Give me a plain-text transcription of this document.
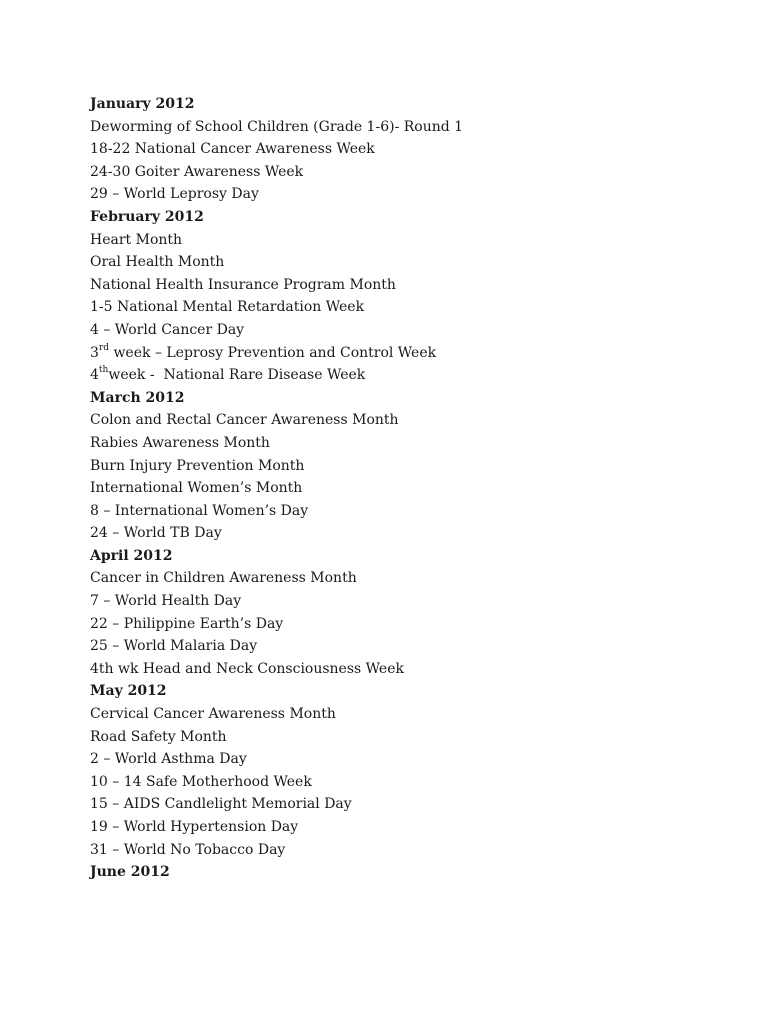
January 2012
Deworming of School Children (Grade 1-6)- Round 1
18-22 National Cancer Awareness Week
24-30 Goiter Awareness Week
29 – World Leprosy Day
February 2012
Heart Month
Oral Health Month
National Health Insurance Program Month
1-5 National Mental Retardation Week
4 – World Cancer Day
3rd week – Leprosy Prevention and Control Week
4thweek -  National Rare Disease Week
March 2012
Colon and Rectal Cancer Awareness Month
Rabies Awareness Month
Burn Injury Prevention Month
International Women’s Month
8 – International Women’s Day
24 – World TB Day
April 2012
Cancer in Children Awareness Month
7 – World Health Day
22 – Philippine Earth’s Day
25 – World Malaria Day
4th wk Head and Neck Consciousness Week
May 2012
Cervical Cancer Awareness Month
Road Safety Month
2 – World Asthma Day
10 – 14 Safe Motherhood Week
15 – AIDS Candlelight Memorial Day
19 – World Hypertension Day
31 – World No Tobacco Day
June 2012
